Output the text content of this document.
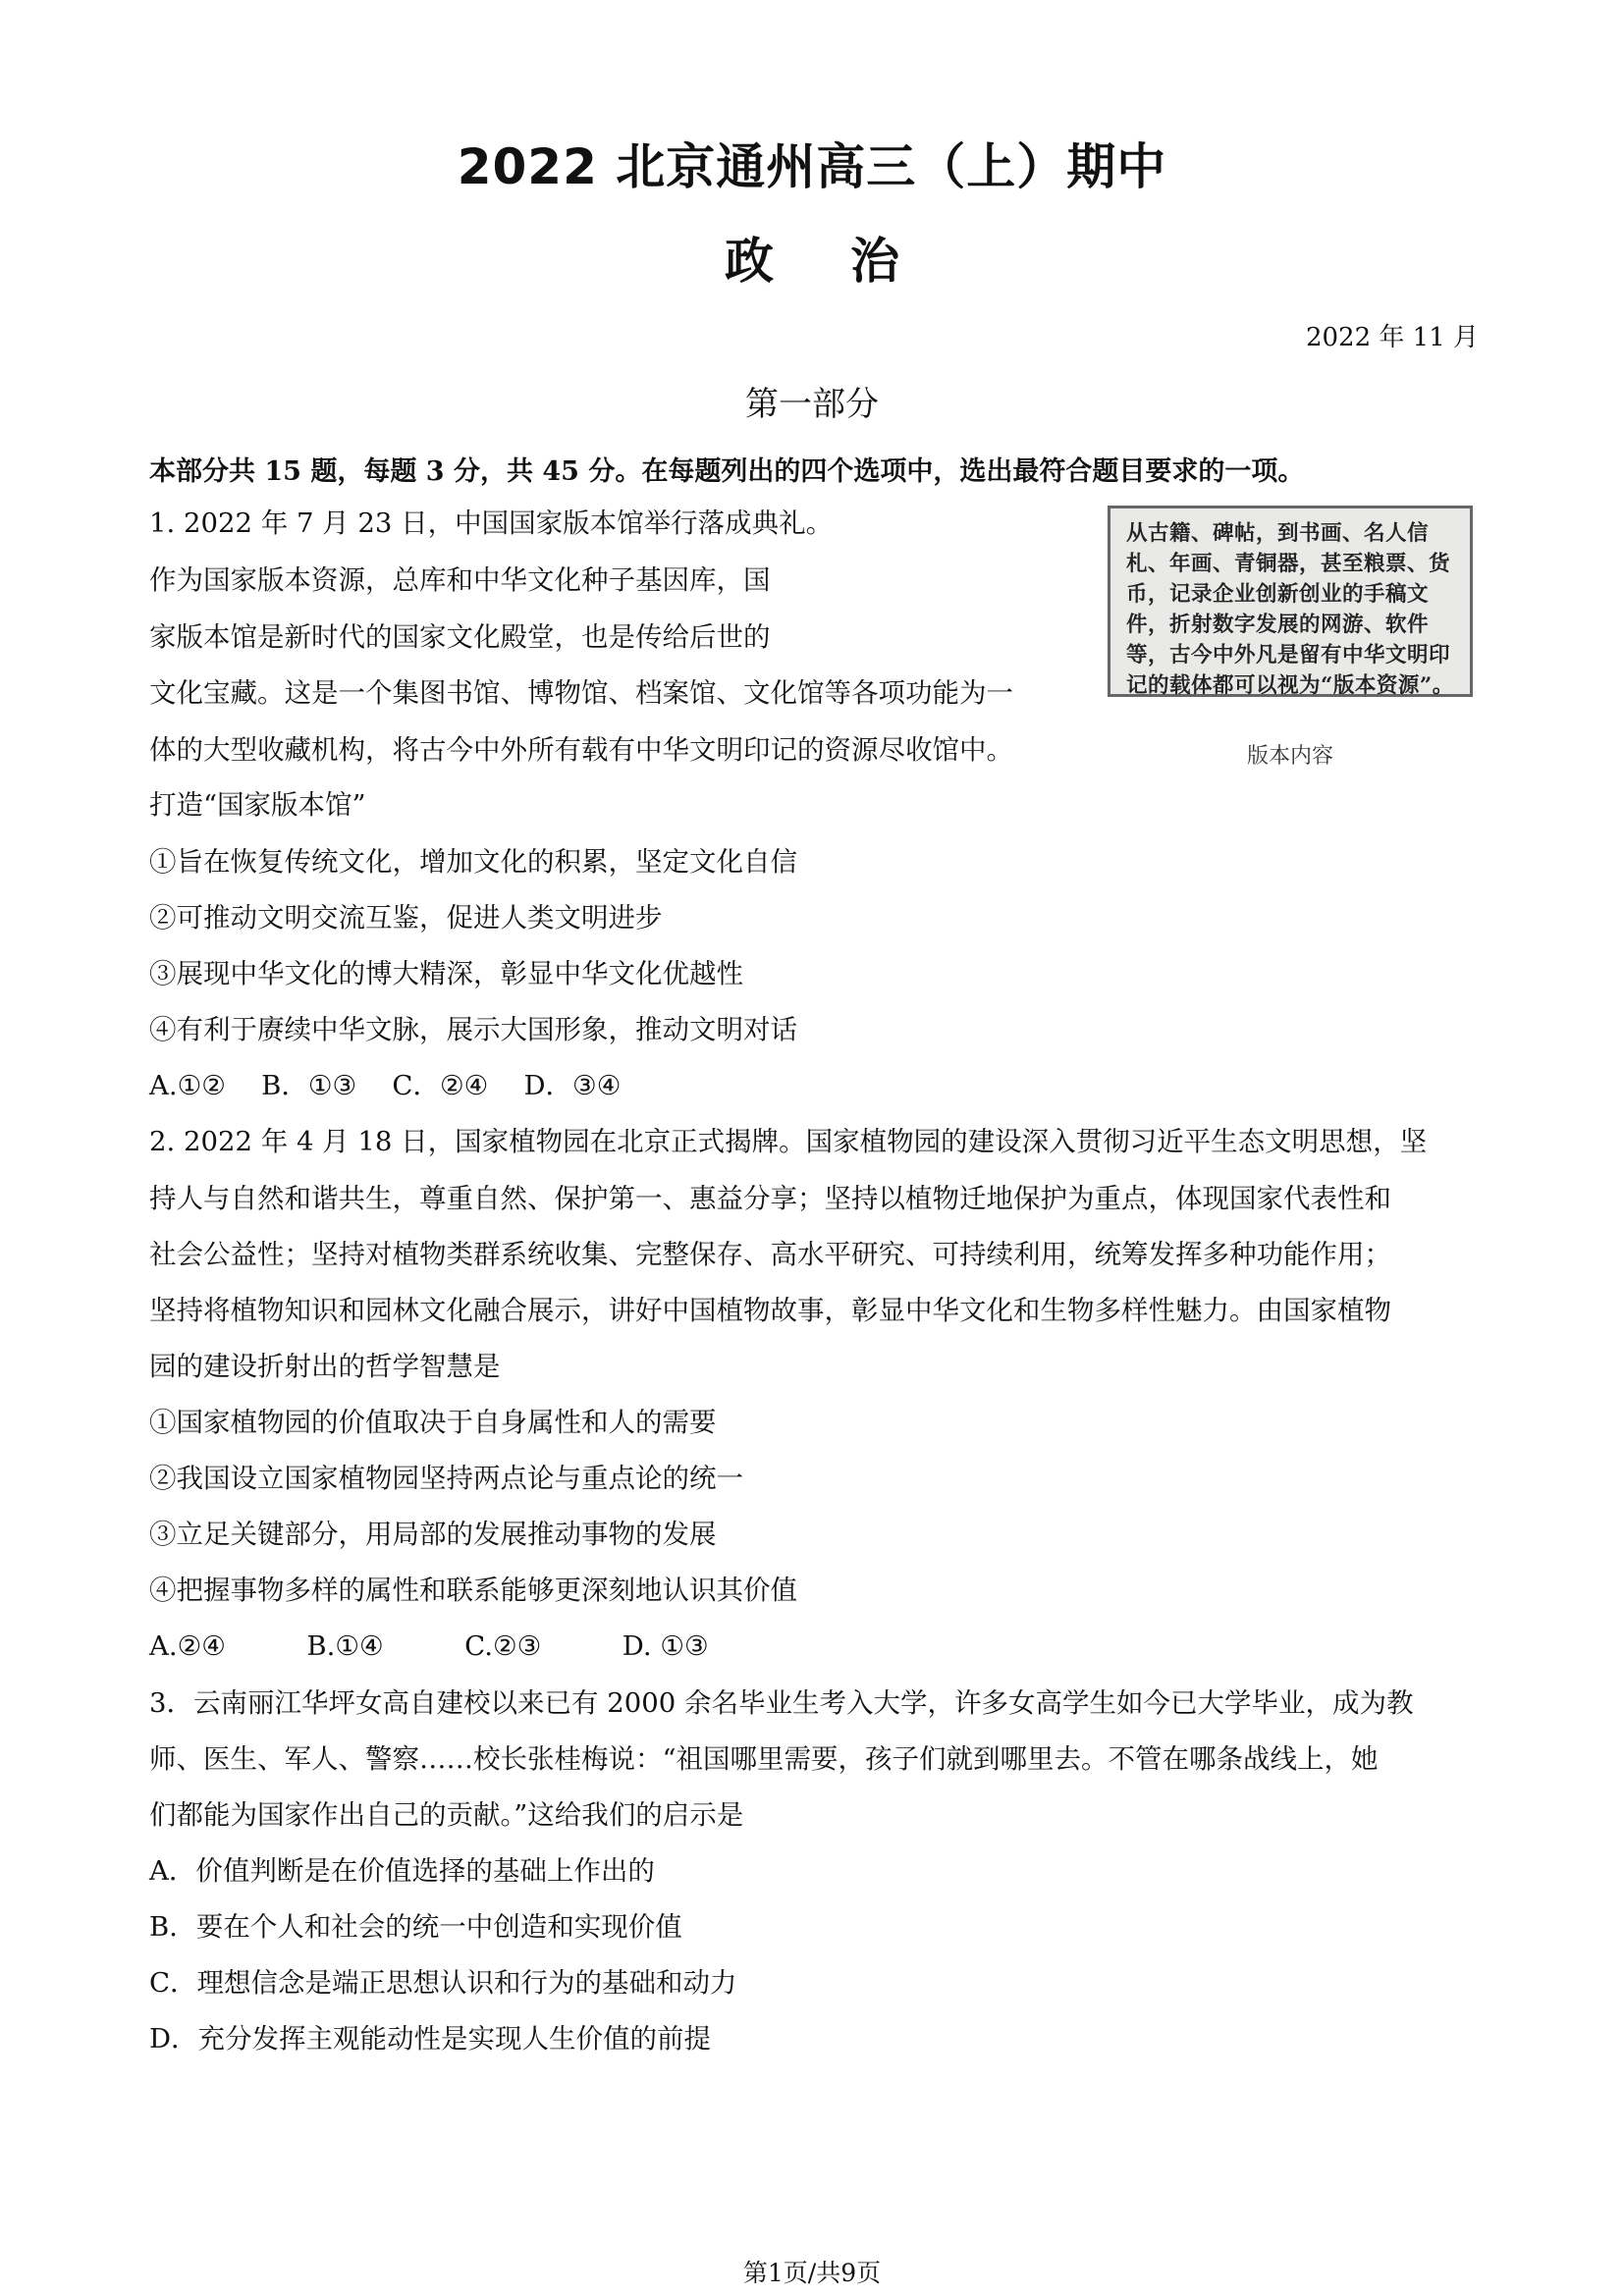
2022 北京通州高三（上）期中
政治
2022 年 11 月
第一部分
本部分共 15 题，每题 3 分，共 45 分。在每题列出的四个选项中，选出最符合题目要求的一项。
1. 2022 年 7 月 23 日，中国国家版本馆举行落成典礼。
作为国家版本资源，总库和中华文化种子基因库，国
家版本馆是新时代的国家文化殿堂，也是传给后世的
文化宝藏。这是一个集图书馆、博物馆、档案馆、文化馆等各项功能为一
体的大型收藏机构，将古今中外所有载有中华文明印记的资源尽收馆中。
打造“国家版本馆”
①旨在恢复传统文化，增加文化的积累，坚定文化自信
②可推动文明交流互鉴，促进人类文明进步
③展现中华文化的博大精深，彰显中华文化优越性
④有利于赓续中华文脉，展示大国形象，推动文明对话
A.①②　 B．①③　 C．②④　 D．③④
从古籍、碑帖，到书画、名人信札、年画、青铜器，甚至粮票、货币，记录企业创新创业的手稿文件，折射数字发展的网游、软件等，古今中外凡是留有中华文明印记的载体都可以视为“版本资源”。
版本内容
2. 2022 年 4 月 18 日，国家植物园在北京正式揭牌。国家植物园的建设深入贯彻习近平生态文明思想，坚
持人与自然和谐共生，尊重自然、保护第一、惠益分享；坚持以植物迁地保护为重点，体现国家代表性和
社会公益性；坚持对植物类群系统收集、完整保存、高水平研究、可持续利用，统筹发挥多种功能作用；
坚持将植物知识和园林文化融合展示，讲好中国植物故事，彰显中华文化和生物多样性魅力。由国家植物
园的建设折射出的哲学智慧是
①国家植物园的价值取决于自身属性和人的需要
②我国设立国家植物园坚持两点论与重点论的统一
③立足关键部分，用局部的发展推动事物的发展
④把握事物多样的属性和联系能够更深刻地认识其价值
A.②④　　　B.①④　　　C.②③　　　D. ①③
3．云南丽江华坪女高自建校以来已有 2000 余名毕业生考入大学，许多女高学生如今已大学毕业，成为教
师、医生、军人、警察……校长张桂梅说：“祖国哪里需要，孩子们就到哪里去。不管在哪条战线上，她
们都能为国家作出自己的贡献。”这给我们的启示是
A．价值判断是在价值选择的基础上作出的
B．要在个人和社会的统一中创造和实现价值
C．理想信念是端正思想认识和行为的基础和动力
D．充分发挥主观能动性是实现人生价值的前提
第1页/共9页
